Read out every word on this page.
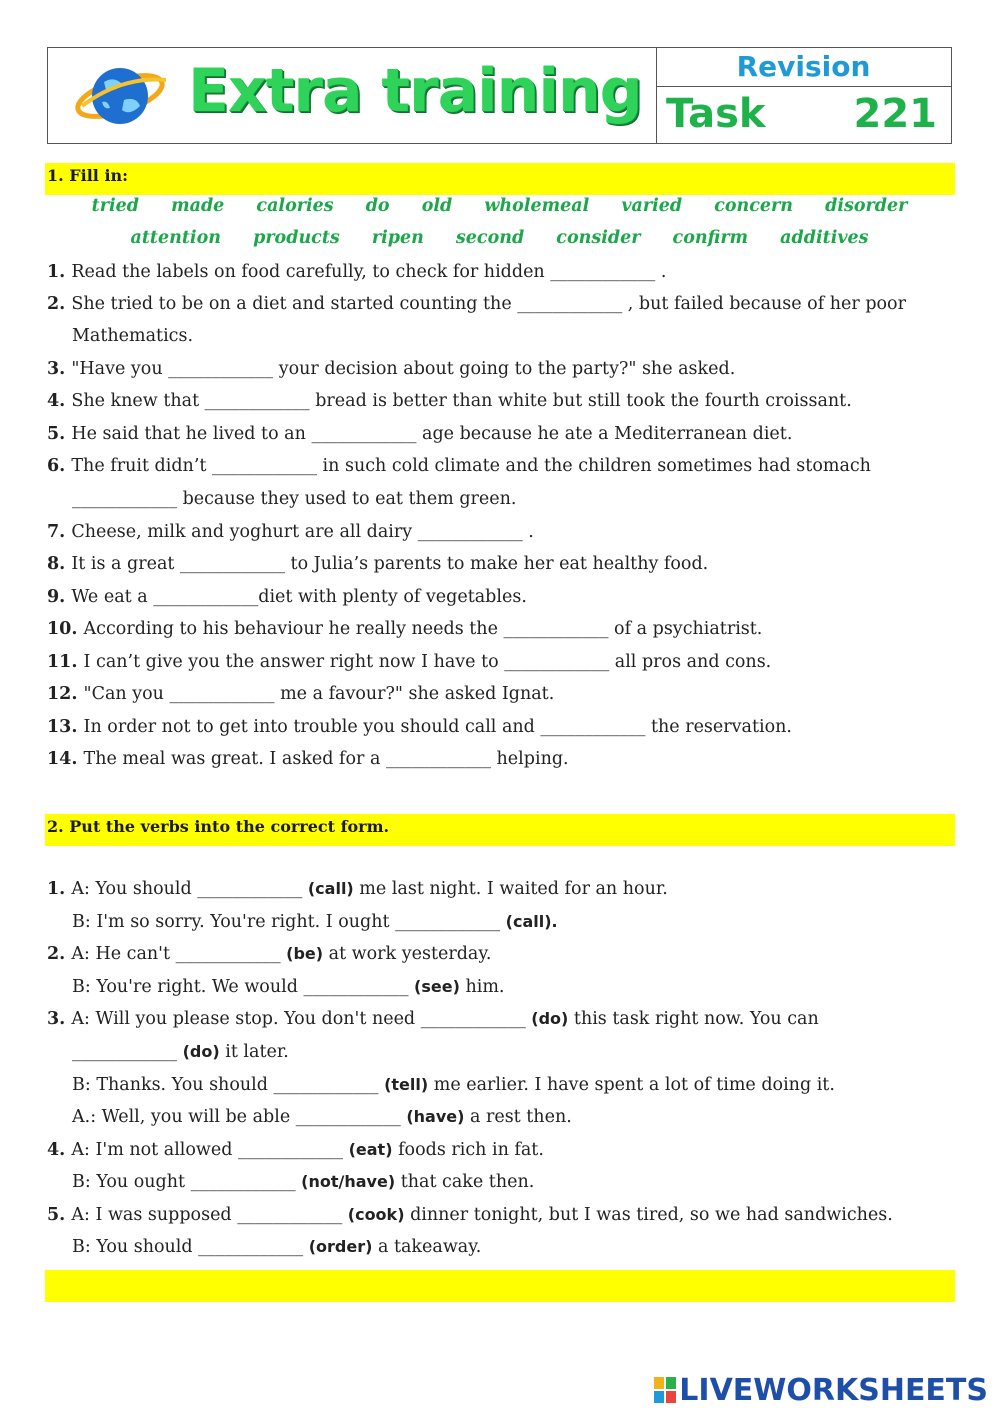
Extra training	Revision
Task 221
1. Fill in:
tried made calories do old wholemeal varied concern disorder
attention products ripen second consider confirm additives
1. Read the labels on food carefully, to check for hidden ____________ .
2. She tried to be on a diet and started counting the ____________ , but failed because of her poor
Mathematics.
3. "Have you ____________ your decision about going to the party?" she asked.
4. She knew that ____________ bread is better than white but still took the fourth croissant.
5. He said that he lived to an ____________ age because he ate a Mediterranean diet.
6. The fruit didn’t ____________ in such cold climate and the children sometimes had stomach
____________ because they used to eat them green.
7. Cheese, milk and yoghurt are all dairy ____________ .
8. It is a great ____________ to Julia’s parents to make her eat healthy food.
9. We eat a ____________diet with plenty of vegetables.
10. According to his behaviour he really needs the ____________ of a psychiatrist.
11. I can’t give you the answer right now I have to ____________ all pros and cons.
12. "Can you ____________ me a favour?" she asked Ignat.
13. In order not to get into trouble you should call and ____________ the reservation.
14. The meal was great. I asked for a ____________ helping.
2. Put the verbs into the correct form.
1. A: You should ____________ (call) me last night. I waited for an hour.
B: I'm so sorry. You're right. I ought ____________ (call).
2. A: He can't ____________ (be) at work yesterday.
B: You're right. We would ____________ (see) him.
3. A: Will you please stop. You don't need ____________ (do) this task right now. You can
____________ (do) it later.
B: Thanks. You should ____________ (tell) me earlier. I have spent a lot of time doing it.
A.: Well, you will be able ____________ (have) a rest then.
4. A: I'm not allowed ____________ (eat) foods rich in fat.
B: You ought ____________ (not/have) that cake then.
5. A: I was supposed ____________ (cook) dinner tonight, but I was tired, so we had sandwiches.
B: You should ____________ (order) a takeaway.
LIVEWORKSHEETS
